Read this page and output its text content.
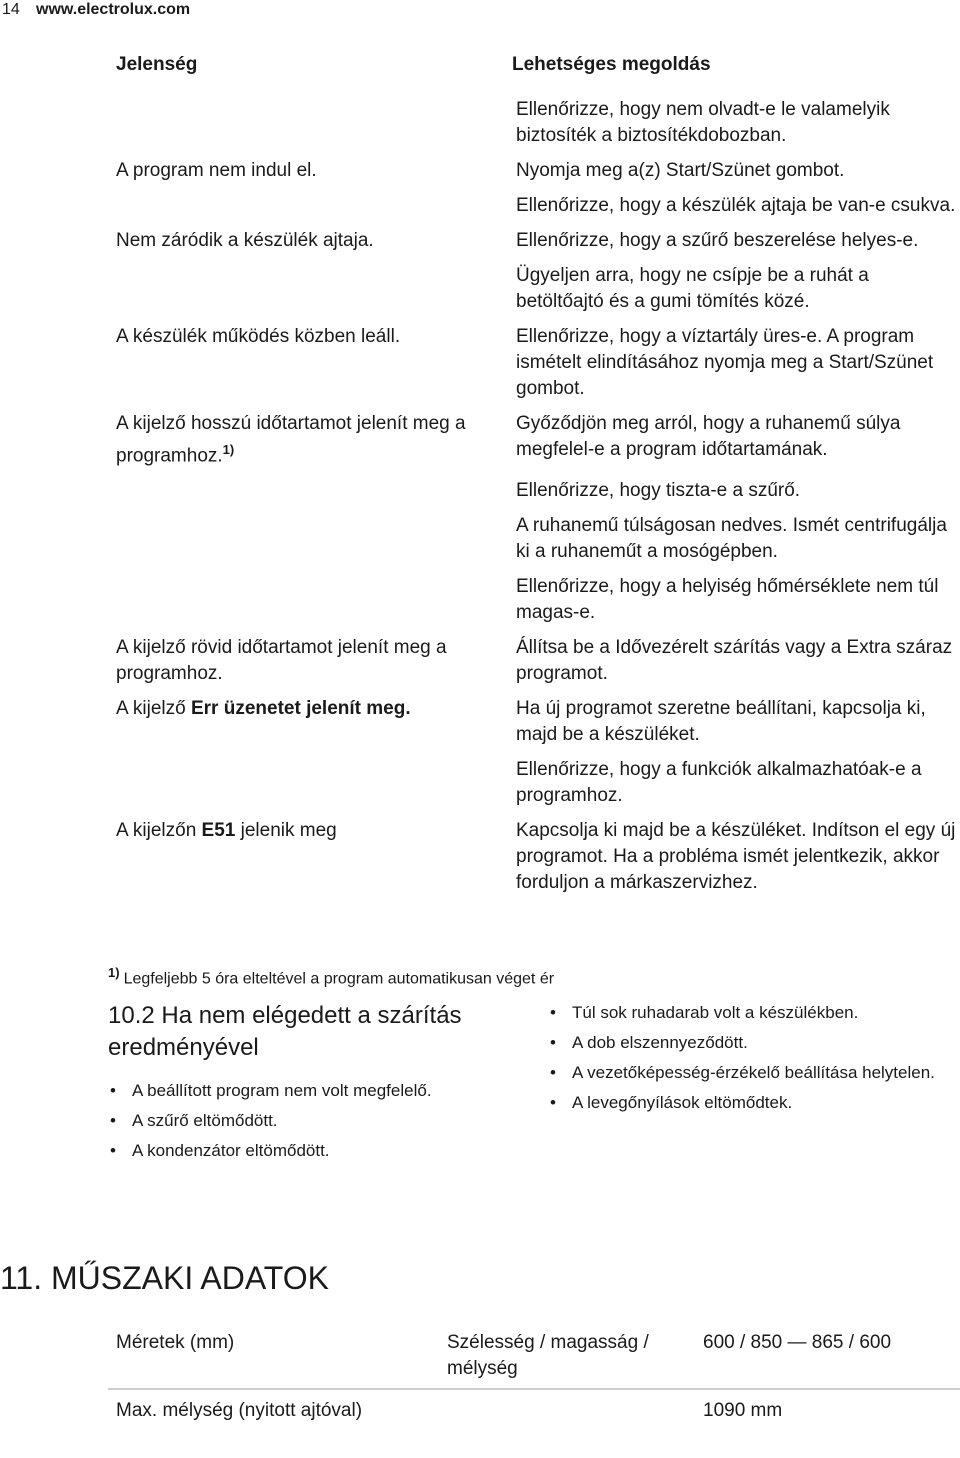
14 www.electrolux.com
Jelenség	Lehetséges megoldás
	Ellenőrizze, hogy nem olvadt-e le valamelyik biztosíték a biztosítékdobozban.
A program nem indul el.	Nyomja meg a(z) Start/Szünet gombot.
	Ellenőrizze, hogy a készülék ajtaja be van-e csukva.
Nem záródik a készülék ajtaja.	Ellenőrizze, hogy a szűrő beszerelése helyes-e.
	Ügyeljen arra, hogy ne csípje be a ruhát a betöltőajtó és a gumi tömítés közé.
A készülék működés közben leáll.	Ellenőrizze, hogy a víztartály üres-e. A program ismételt elindításához nyomja meg a Start/Szünet gombot.
A kijelző hosszú időtartamot jelenít meg a programhoz.$^{1)}$	Győződjön meg arról, hogy a ruhanemű súlya megfelel-e a program időtartamának.
	Ellenőrizze, hogy tiszta-e a szűrő.
	A ruhanemű túlságosan nedves. Ismét centrifugálja ki a ruhaneműt a mosógépben.
	Ellenőrizze, hogy a helyiség hőmérséklete nem túl magas-e.
A kijelző rövid időtartamot jelenít meg a programhoz.	Állítsa be a Idővezérelt szárítás vagy a Extra száraz programot.
A kijelző Err üzenetet jelenít meg.	Ha új programot szeretne beállítani, kapcsolja ki, majd be a készüléket.
	Ellenőrizze, hogy a funkciók alkalmazhatóak-e a programhoz.
A kijelzőn E51 jelenik meg	Kapcsolja ki majd be a készüléket. Indítson el egy új programot. Ha a probléma ismét jelentkezik, akkor forduljon a márkaszervizhez.
$^{1)}$ Legfeljebb 5 óra elteltével a program automatikusan véget ér
10.2 Ha nem elégedett a szárítás eredményével
• A beállított program nem volt megfelelő.
• A szűrő eltömődött.
• A kondenzátor eltömődött.
• Túl sok ruhadarab volt a készülékben.
• A dob elszennyeződött.
• A vezetőképesség-érzékelő beállítása helytelen.
• A levegőnyílások eltömődtek.
11. MŰSZAKI ADATOK
Méretek (mm)	Szélesség / magasság / mélység	600 / 850 — 865 / 600
Max. mélység (nyitott ajtóval)		1090 mm
